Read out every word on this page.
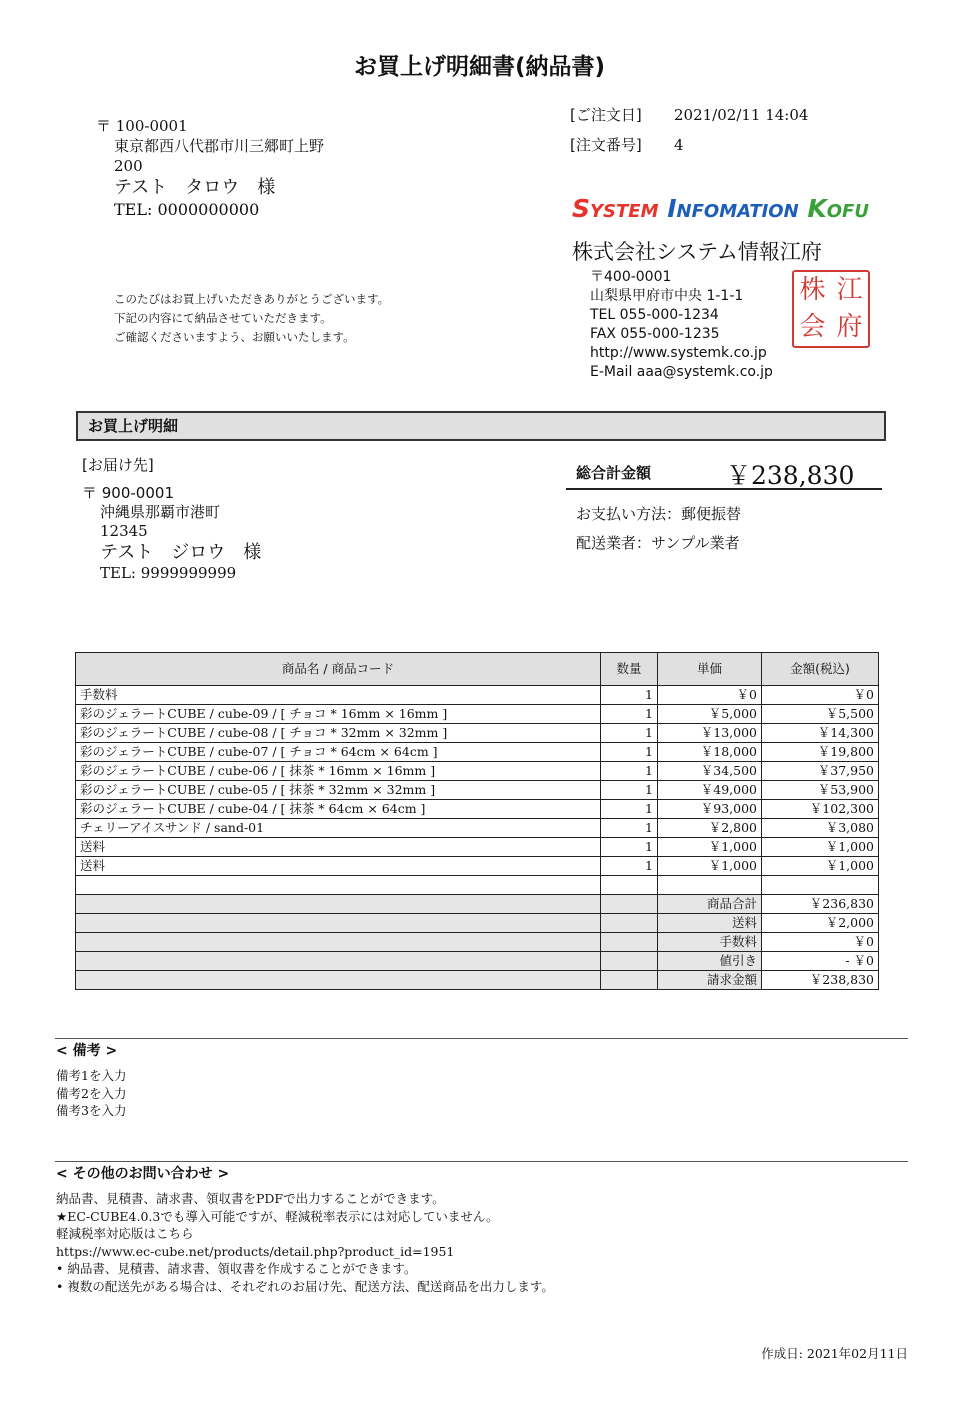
お買上げ明細書(納品書)
〒 100-0001
東京都西八代郡市川三郷町上野
200
テスト　タロウ　様
TEL: 0000000000
このたびはお買上げいただきありがとうございます。
下記の内容にて納品させていただきます。
ご確認くださいますよう、お願いいたします。
[ご注文日] 2021/02/11 14:04
[注文番号] 4
SYSTEM INFOMATION KOFU
株式会社システム情報江府
〒400-0001
山梨県甲府市中央 1-1-1
TEL 055-000-1234
FAX 055-000-1235
http://www.systemk.co.jp
E-Mail aaa@systemk.co.jp
株 江
会 府
お買上げ明細
[お届け先]
〒 900-0001
沖縄県那覇市港町
12345
テスト　ジロウ　様
TEL: 9999999999
総合計金額	￥238,830
お支払い方法：郵便振替
配送業者：サンプル業者
商品名 / 商品コード	数量	単価	金額(税込)
手数料	1	￥0	￥0
彩のジェラートCUBE / cube-09 / [ チョコ * 16mm × 16mm ]	1	￥5,000	￥5,500
彩のジェラートCUBE / cube-08 / [ チョコ * 32mm × 32mm ]	1	￥13,000	￥14,300
彩のジェラートCUBE / cube-07 / [ チョコ * 64cm × 64cm ]	1	￥18,000	￥19,800
彩のジェラートCUBE / cube-06 / [ 抹茶 * 16mm × 16mm ]	1	￥34,500	￥37,950
彩のジェラートCUBE / cube-05 / [ 抹茶 * 32mm × 32mm ]	1	￥49,000	￥53,900
彩のジェラートCUBE / cube-04 / [ 抹茶 * 64cm × 64cm ]	1	￥93,000	￥102,300
チェリーアイスサンド / sand-01	1	￥2,800	￥3,080
送料	1	￥1,000	￥1,000
送料	1	￥1,000	￥1,000

		商品合計	￥236,830
		送料	￥2,000
		手数料	￥0
		値引き	- ￥0
		請求金額	￥238,830
< 備考 >
備考1を入力
備考2を入力
備考3を入力
< その他のお問い合わせ >
納品書、見積書、請求書、領収書をPDFで出力することができます。
★EC-CUBE4.0.3でも導入可能ですが、軽減税率表示には対応していません。
軽減税率対応版はこちら
https://www.ec-cube.net/products/detail.php?product_id=1951
• 納品書、見積書、請求書、領収書を作成することができます。
• 複数の配送先がある場合は、それぞれのお届け先、配送方法、配送商品を出力します。
作成日: 2021年02月11日
